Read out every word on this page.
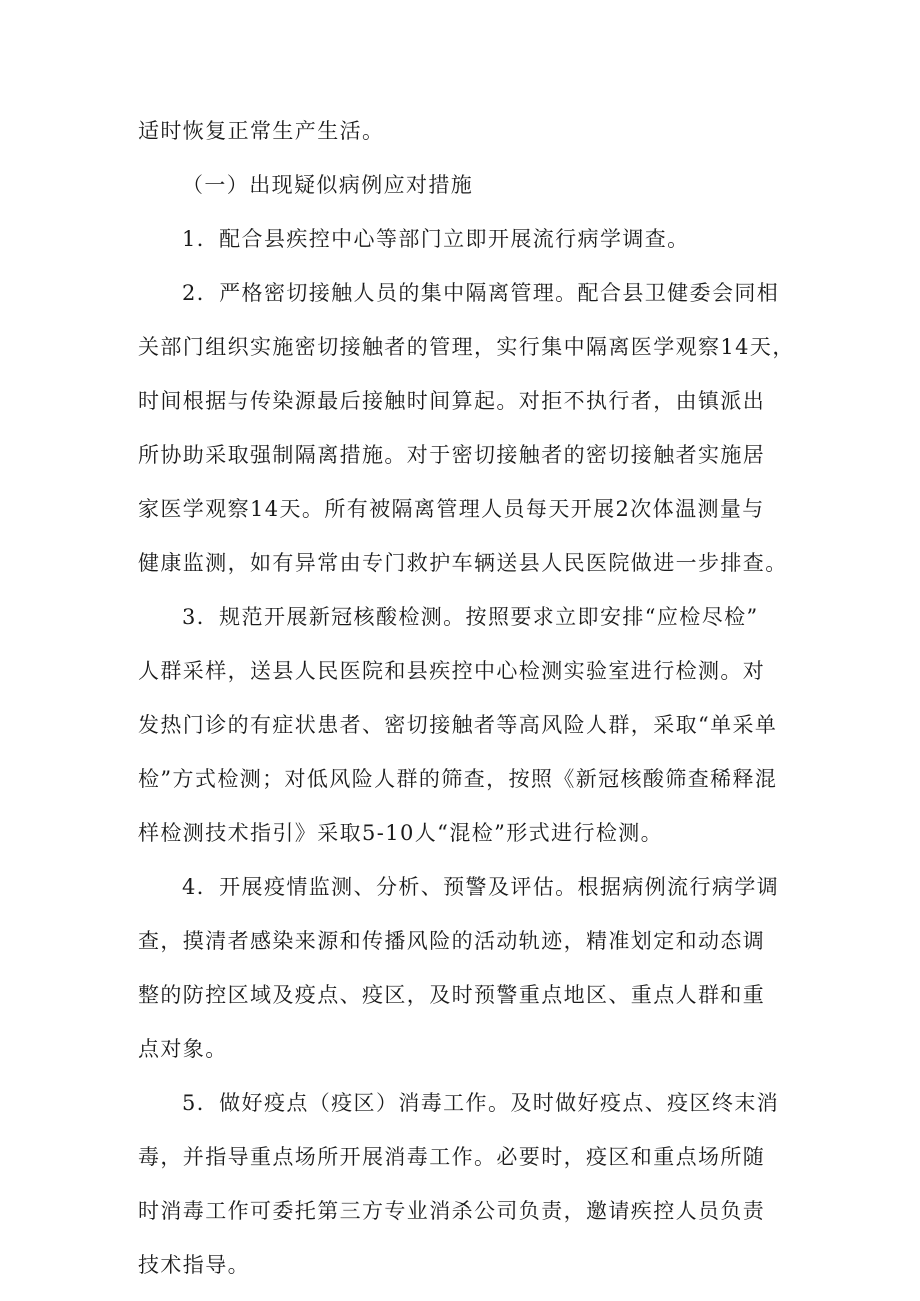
适时恢复正常生产生活。
（一）出现疑似病例应对措施
1．配合县疾控中心等部门立即开展流行病学调查。
2．严格密切接触人员的集中隔离管理。配合县卫健委会同相
关部门组织实施密切接触者的管理，实行集中隔离医学观察14天，
时间根据与传染源最后接触时间算起。对拒不执行者，由镇派出
所协助采取强制隔离措施。对于密切接触者的密切接触者实施居
家医学观察14天。所有被隔离管理人员每天开展2次体温测量与
健康监测，如有异常由专门救护车辆送县人民医院做进一步排查。
3．规范开展新冠核酸检测。按照要求立即安排“应检尽检”
人群采样，送县人民医院和县疾控中心检测实验室进行检测。对
发热门诊的有症状患者、密切接触者等高风险人群，采取“单采单
检”方式检测；对低风险人群的筛查，按照《新冠核酸筛查稀释混
样检测技术指引》采取5-10人“混检”形式进行检测。
4．开展疫情监测、分析、预警及评估。根据病例流行病学调
查，摸清者感染来源和传播风险的活动轨迹，精准划定和动态调
整的防控区域及疫点、疫区，及时预警重点地区、重点人群和重
点对象。
5．做好疫点（疫区）消毒工作。及时做好疫点、疫区终末消
毒，并指导重点场所开展消毒工作。必要时，疫区和重点场所随
时消毒工作可委托第三方专业消杀公司负责，邀请疾控人员负责
技术指导。
